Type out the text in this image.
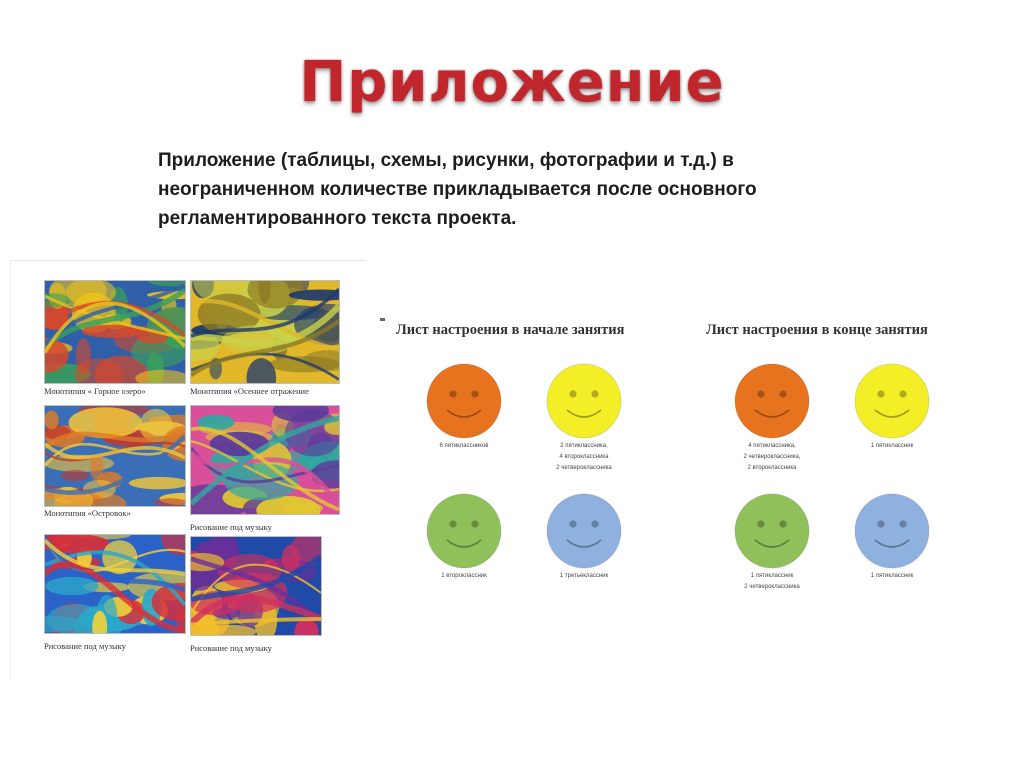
Приложение
Приложение (таблицы, схемы, рисунки, фотографии и т.д.) в
неограниченном количестве прикладывается после основного
регламентированного текста проекта.
Монотипия « Горное озеро»	Монотипия «Осеннее отражение
Монотипия «Островок»
Рисование под музыку
Рисование под музыку	Рисование под музыку
Лист настроения в начале занятия	Лист настроения в конце занятия
6 пятиклассников	2 пятиклассника,
4 второклассника
2 четвероклассника
1 второклассник	1 третьеклассник
4 пятиклассника,
2 четвероклассника,
2 второклассника
1 пятиклассник
1 пятиклассник
2 четвероклассника
1 пятиклассник
